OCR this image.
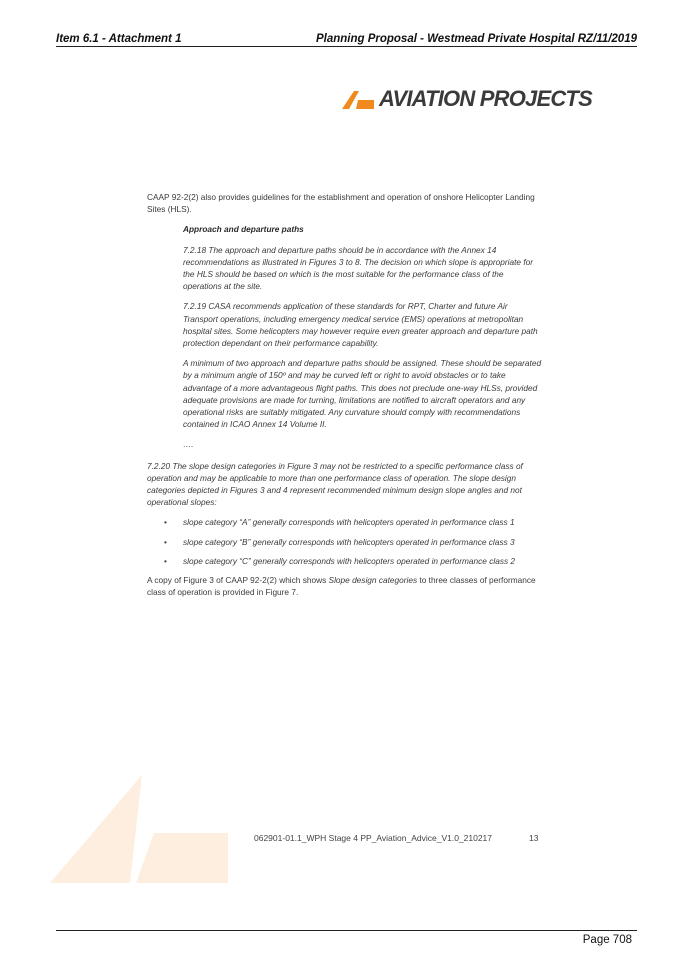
Item 6.1 - Attachment 1	Planning Proposal - Westmead Private Hospital RZ/11/2019
AVIATION PROJECTS

CAAP 92-2(2) also provides guidelines for the establishment and operation of onshore Helicopter Landing Sites (HLS).

Approach and departure paths

7.2.18 The approach and departure paths should be in accordance with the Annex 14 recommendations as illustrated in Figures 3 to 8. The decision on which slope is appropriate for the HLS should be based on which is the most suitable for the performance class of the operations at the site.

7.2.19 CASA recommends application of these standards for RPT, Charter and future Air Transport operations, including emergency medical service (EMS) operations at metropolitan hospital sites. Some helicopters may however require even greater approach and departure path protection dependant on their performance capability.

A minimum of two approach and departure paths should be assigned. These should be separated by a minimum angle of 150º and may be curved left or right to avoid obstacles or to take advantage of a more advantageous flight paths. This does not preclude one-way HLSs, provided adequate provisions are made for turning, limitations are notified to aircraft operators and any operational risks are suitably mitigated. Any curvature should comply with recommendations contained in ICAO Annex 14 Volume II.

….

7.2.20 The slope design categories in Figure 3 may not be restricted to a specific performance class of operation and may be applicable to more than one performance class of operation. The slope design categories depicted in Figures 3 and 4 represent recommended minimum design slope angles and not operational slopes:

• slope category “A” generally corresponds with helicopters operated in performance class 1
• slope category “B” generally corresponds with helicopters operated in performance class 3
• slope category “C” generally corresponds with helicopters operated in performance class 2

A copy of Figure 3 of CAAP 92-2(2) which shows Slope design categories to three classes of performance class of operation is provided in Figure 7.

062901-01.1_WPH Stage 4 PP_Aviation_Advice_V1.0_210217	13
Page 708
